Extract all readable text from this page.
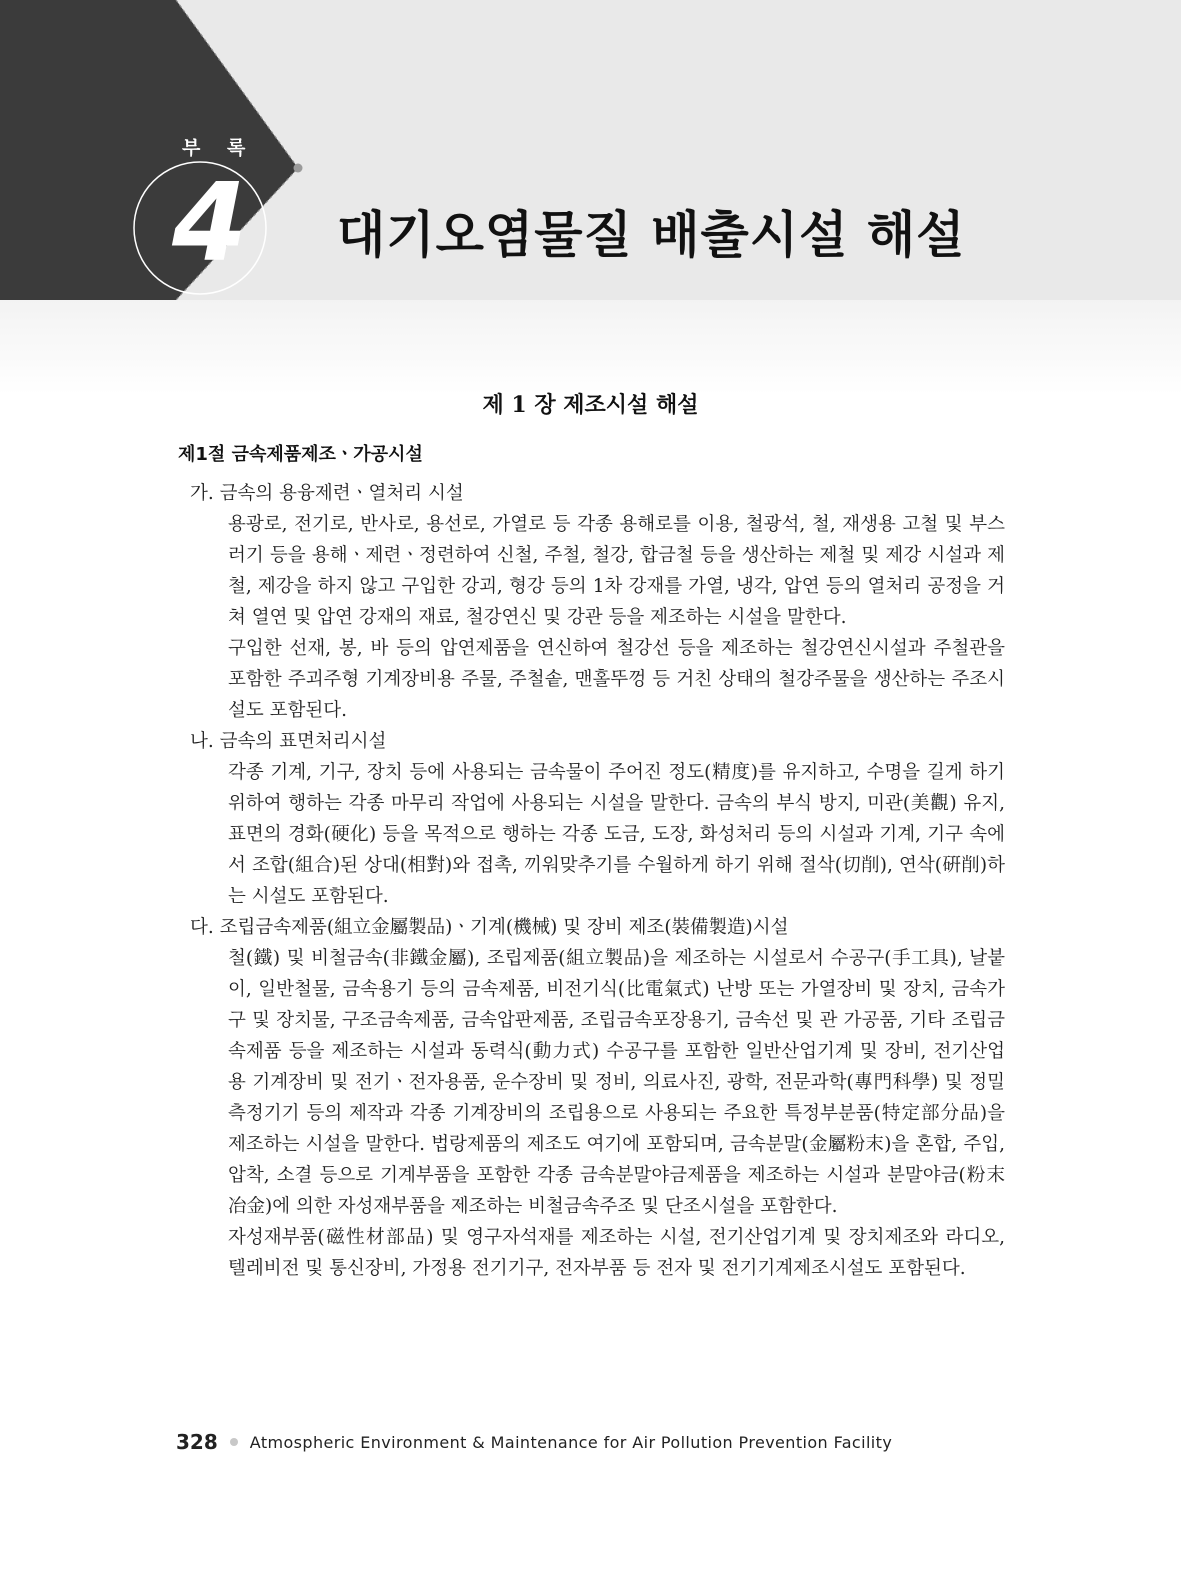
부 록
4 대기오염물질 배출시설 해설
제 1 장 제조시설 해설
제1절 금속제품제조ㆍ가공시설
가. 금속의 용융제련ㆍ열처리 시설
용광로, 전기로, 반사로, 용선로, 가열로 등 각종 용해로를 이용, 철광석, 철, 재생용 고철 및 부스러기 등을 용해ㆍ제련ㆍ정련하여 신철, 주철, 철강, 합금철 등을 생산하는 제철 및 제강 시설과 제철, 제강을 하지 않고 구입한 강괴, 형강 등의 1차 강재를 가열, 냉각, 압연 등의 열처리 공정을 거쳐 열연 및 압연 강재의 재료, 철강연신 및 강관 등을 제조하는 시설을 말한다.
구입한 선재, 봉, 바 등의 압연제품을 연신하여 철강선 등을 제조하는 철강연신시설과 주철관을 포함한 주괴주형 기계장비용 주물, 주철솥, 맨홀뚜껑 등 거친 상태의 철강주물을 생산하는 주조시설도 포함된다.
나. 금속의 표면처리시설
각종 기계, 기구, 장치 등에 사용되는 금속물이 주어진 정도(精度)를 유지하고, 수명을 길게 하기 위하여 행하는 각종 마무리 작업에 사용되는 시설을 말한다. 금속의 부식 방지, 미관(美觀) 유지, 표면의 경화(硬化) 등을 목적으로 행하는 각종 도금, 도장, 화성처리 등의 시설과 기계, 기구 속에서 조합(組合)된 상대(相對)와 접촉, 끼워맞추기를 수월하게 하기 위해 절삭(切削), 연삭(硏削)하는 시설도 포함된다.
다. 조립금속제품(組立金屬製品)ㆍ기계(機械) 및 장비 제조(裝備製造)시설
철(鐵) 및 비철금속(非鐵金屬), 조립제품(組立製品)을 제조하는 시설로서 수공구(手工具), 날붙이, 일반철물, 금속용기 등의 금속제품, 비전기식(比電氣式) 난방 또는 가열장비 및 장치, 금속가구 및 장치물, 구조금속제품, 금속압판제품, 조립금속포장용기, 금속선 및 관 가공품, 기타 조립금속제품 등을 제조하는 시설과 동력식(動力式) 수공구를 포함한 일반산업기계 및 장비, 전기산업용 기계장비 및 전기ㆍ전자용품, 운수장비 및 정비, 의료사진, 광학, 전문과학(專門科學) 및 정밀측정기기 등의 제작과 각종 기계장비의 조립용으로 사용되는 주요한 특정부분품(特定部分品)을 제조하는 시설을 말한다. 법랑제품의 제조도 여기에 포함되며, 금속분말(金屬粉末)을 혼합, 주입, 압착, 소결 등으로 기계부품을 포함한 각종 금속분말야금제품을 제조하는 시설과 분말야금(粉末冶金)에 의한 자성재부품을 제조하는 비철금속주조 및 단조시설을 포함한다.
자성재부품(磁性材部品) 및 영구자석재를 제조하는 시설, 전기산업기계 및 장치제조와 라디오, 텔레비전 및 통신장비, 가정용 전기기구, 전자부품 등 전자 및 전기기계제조시설도 포함된다.
328 Atmospheric Environment & Maintenance for Air Pollution Prevention Facility
